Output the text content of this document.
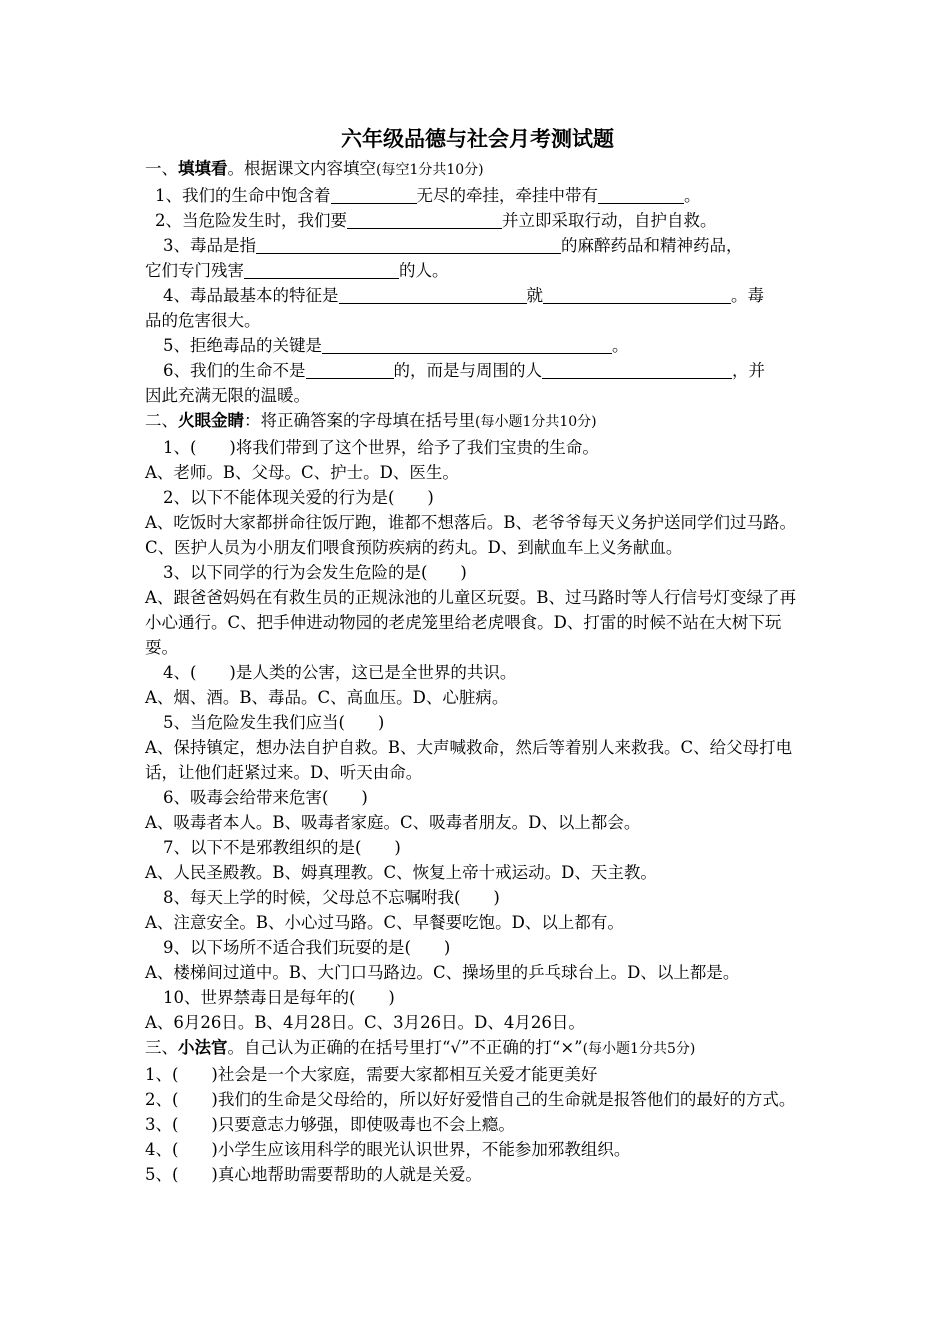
六年级品德与社会月考测试题
一、填填看。根据课文内容填空(每空1分共10分)
1、我们的生命中饱含着	无尽的牵挂，牵挂中带有	。
2、当危险发生时，我们要	并立即采取行动，自护自救。
3、毒品是指	的麻醉药品和精神药品，
它们专门残害	的人。
4、毒品最基本的特征是	就	。毒
品的危害很大。
5、拒绝毒品的关键是	。
6、我们的生命不是	的，而是与周围的人	，并
因此充满无限的温暖。
二、火眼金睛：将正确答案的字母填在括号里(每小题1分共10分)
1、(　　)将我们带到了这个世界，给予了我们宝贵的生命。
A、老师。B、父母。C、护士。D、医生。
2、以下不能体现关爱的行为是(　　)
A、吃饭时大家都拼命往饭厅跑，谁都不想落后。B、老爷爷每天义务护送同学们过马路。C、医护人员为小朋友们喂食预防疾病的药丸。D、到献血车上义务献血。
3、以下同学的行为会发生危险的是(　　)
A、跟爸爸妈妈在有救生员的正规泳池的儿童区玩耍。B、过马路时等人行信号灯变绿了再小心通行。C、把手伸进动物园的老虎笼里给老虎喂食。D、打雷的时候不站在大树下玩耍。
4、(　　)是人类的公害，这已是全世界的共识。
A、烟、酒。B、毒品。C、高血压。D、心脏病。
5、当危险发生我们应当(　　)
A、保持镇定，想办法自护自救。B、大声喊救命，然后等着别人来救我。C、给父母打电话，让他们赶紧过来。D、听天由命。
6、吸毒会给带来危害(　　)
A、吸毒者本人。B、吸毒者家庭。C、吸毒者朋友。D、以上都会。
7、以下不是邪教组织的是(　　)
A、人民圣殿教。B、姆真理教。C、恢复上帝十戒运动。D、天主教。
8、每天上学的时候，父母总不忘嘱咐我(　　)
A、注意安全。B、小心过马路。C、早餐要吃饱。D、以上都有。
9、以下场所不适合我们玩耍的是(　　)
A、楼梯间过道中。B、大门口马路边。C、操场里的乒乓球台上。D、以上都是。
10、世界禁毒日是每年的(　　)
A、6月26日。B、4月28日。C、3月26日。D、4月26日。
三、小法官。自己认为正确的在括号里打“√”不正确的打“×”(每小题1分共5分)
1、(　　)社会是一个大家庭，需要大家都相互关爱才能更美好
2、(　　)我们的生命是父母给的，所以好好爱惜自己的生命就是报答他们的最好的方式。
3、(　　)只要意志力够强，即使吸毒也不会上瘾。
4、(　　)小学生应该用科学的眼光认识世界，不能参加邪教组织。
5、(　　)真心地帮助需要帮助的人就是关爱。
